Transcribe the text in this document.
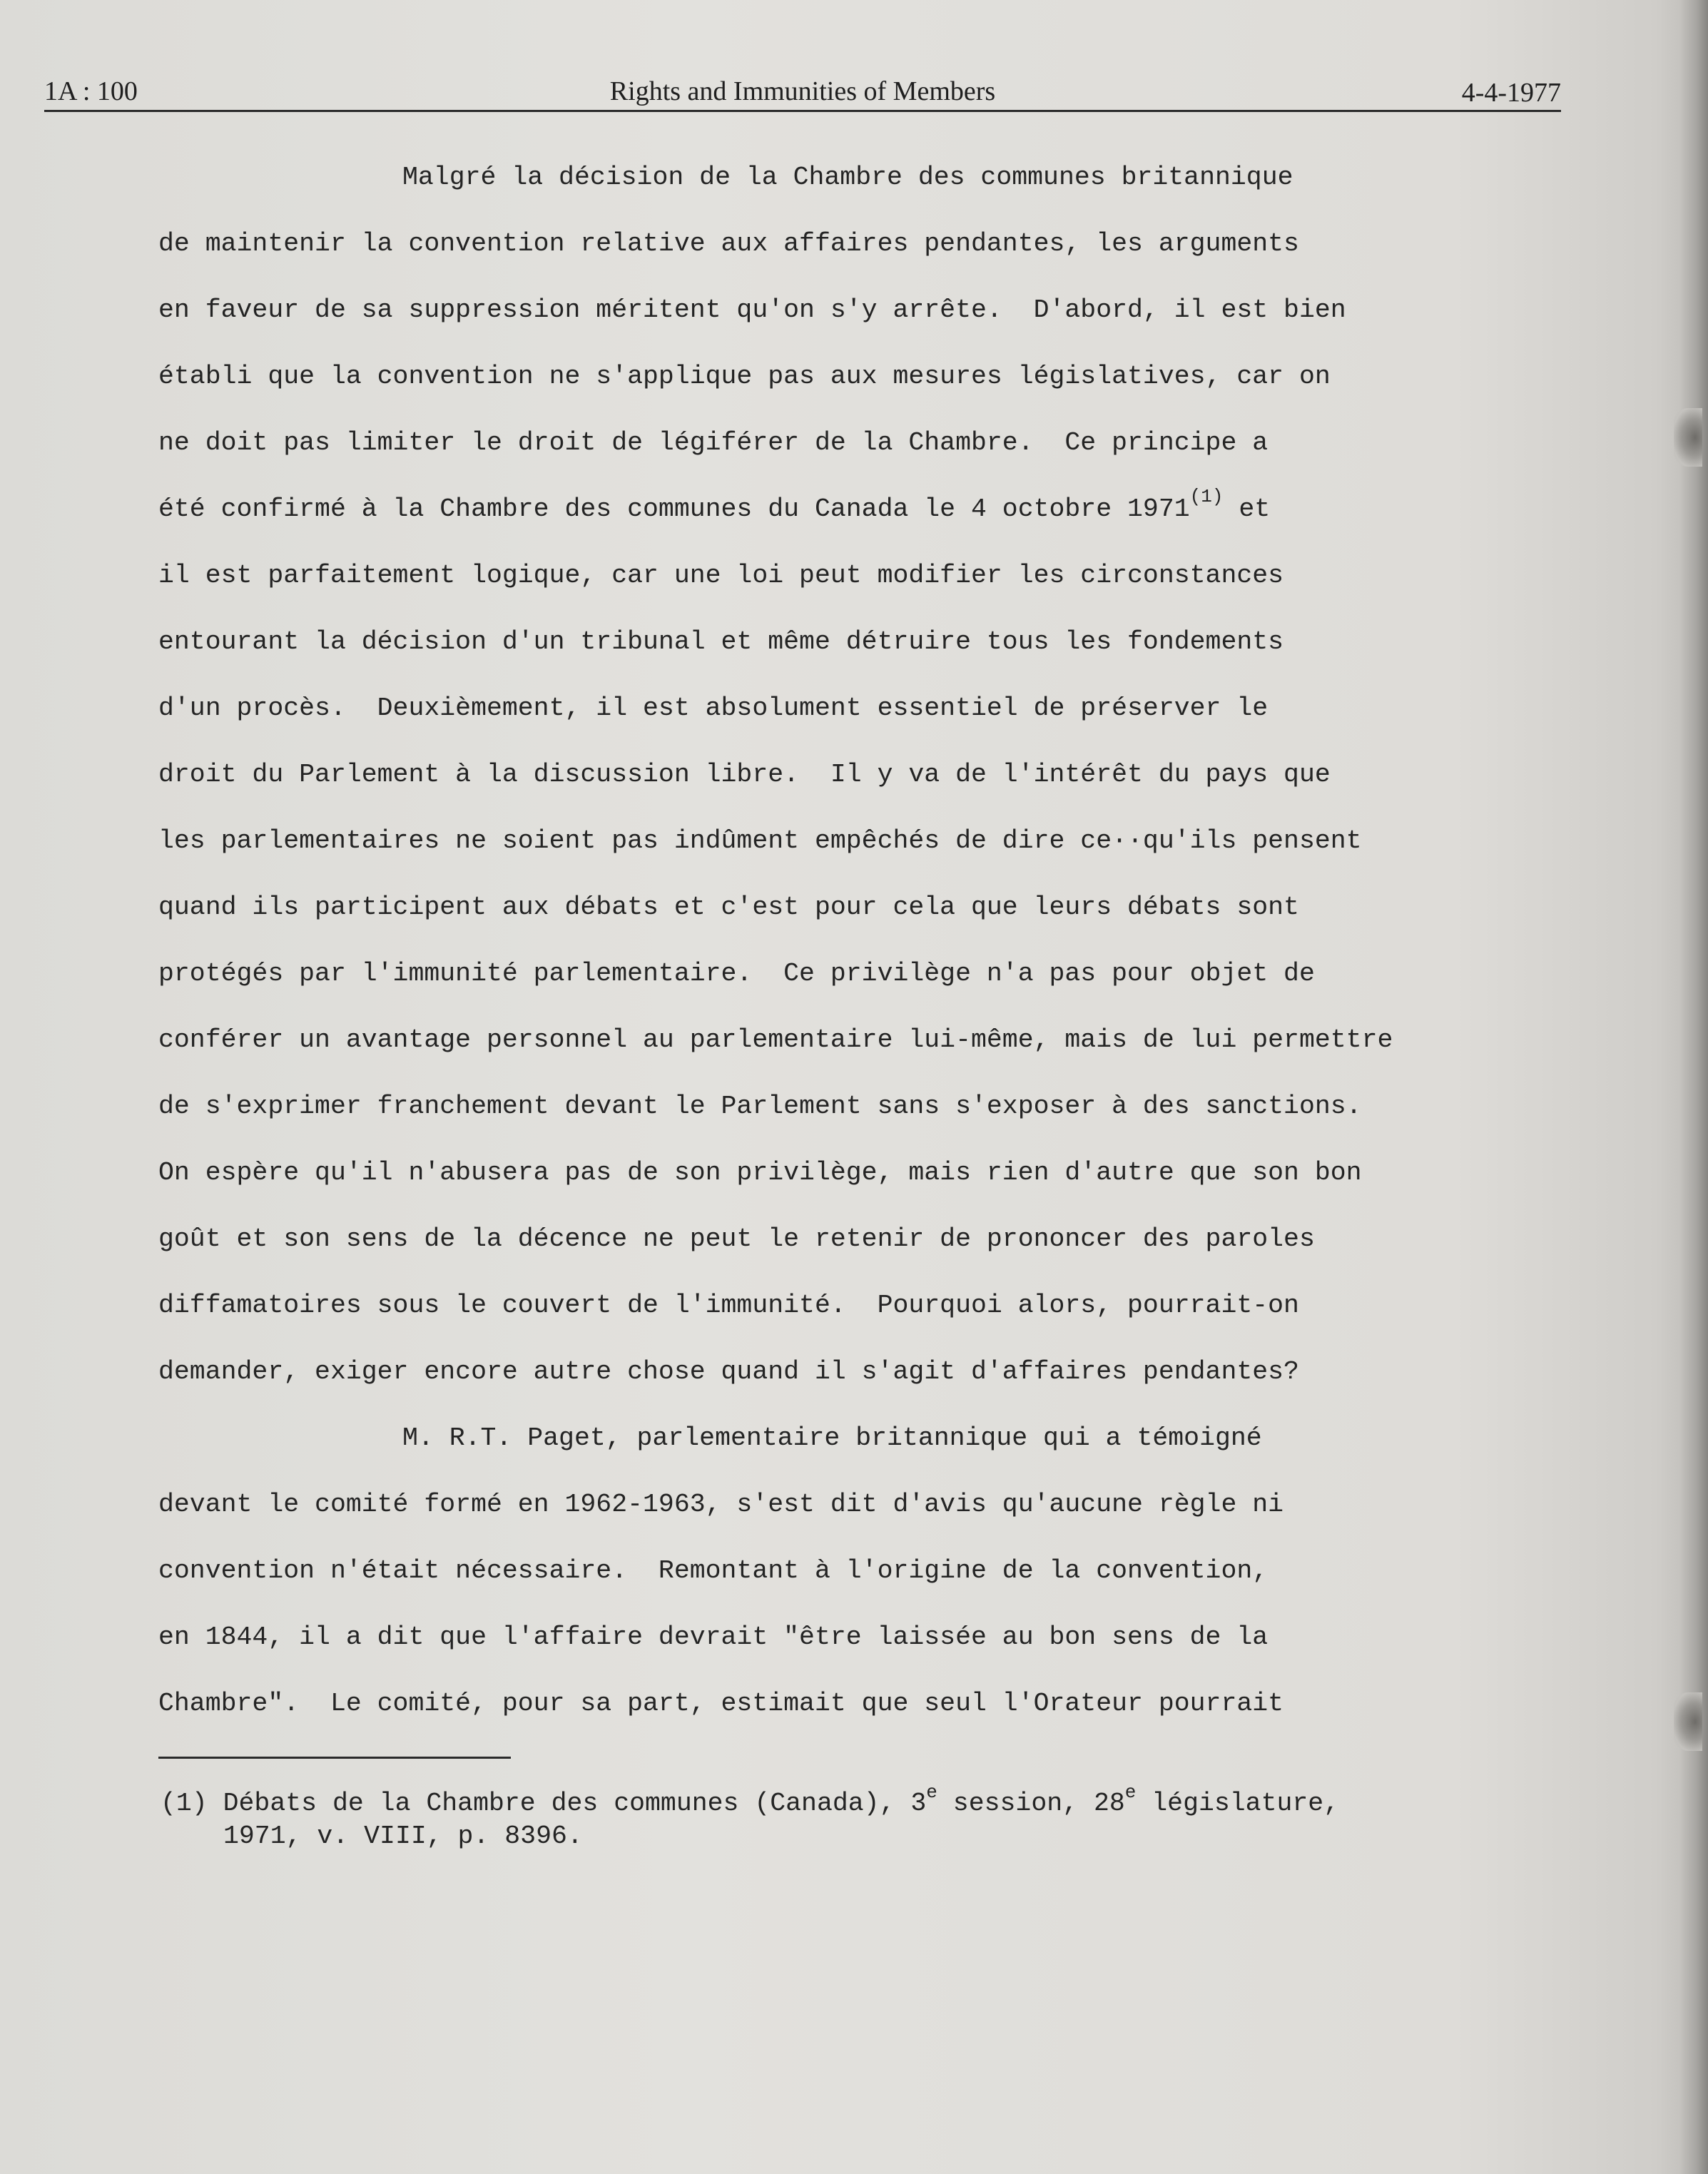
1A : 100	Rights and Immunities of Members	4-4-1977
Malgré la décision de la Chambre des communes britannique
de maintenir la convention relative aux affaires pendantes, les arguments
en faveur de sa suppression méritent qu'on s'y arrête.  D'abord, il est bien
établi que la convention ne s'applique pas aux mesures législatives, car on
ne doit pas limiter le droit de légiférer de la Chambre.  Ce principe a
été confirmé à la Chambre des communes du Canada le 4 octobre 1971$^{(1)}$ et
il est parfaitement logique, car une loi peut modifier les circonstances
entourant la décision d'un tribunal et même détruire tous les fondements
d'un procès.  Deuxièmement, il est absolument essentiel de préserver le
droit du Parlement à la discussion libre.  Il y va de l'intérêt du pays que
les parlementaires ne soient pas indûment empêchés de dire ce··qu'ils pensent
quand ils participent aux débats et c'est pour cela que leurs débats sont
protégés par l'immunité parlementaire.  Ce privilège n'a pas pour objet de
conférer un avantage personnel au parlementaire lui-même, mais de lui permettre
de s'exprimer franchement devant le Parlement sans s'exposer à des sanctions.
On espère qu'il n'abusera pas de son privilège, mais rien d'autre que son bon
goût et son sens de la décence ne peut le retenir de prononcer des paroles
diffamatoires sous le couvert de l'immunité.  Pourquoi alors, pourrait-on
demander, exiger encore autre chose quand il s'agit d'affaires pendantes?
M. R.T. Paget, parlementaire britannique qui a témoigné
devant le comité formé en 1962-1963, s'est dit d'avis qu'aucune règle ni
convention n'était nécessaire.  Remontant à l'origine de la convention,
en 1844, il a dit que l'affaire devrait "être laissée au bon sens de la
Chambre".  Le comité, pour sa part, estimait que seul l'Orateur pourrait
(1) Débats de la Chambre des communes (Canada), 3e session, 28e législature,
1971, v. VIII, p. 8396.
